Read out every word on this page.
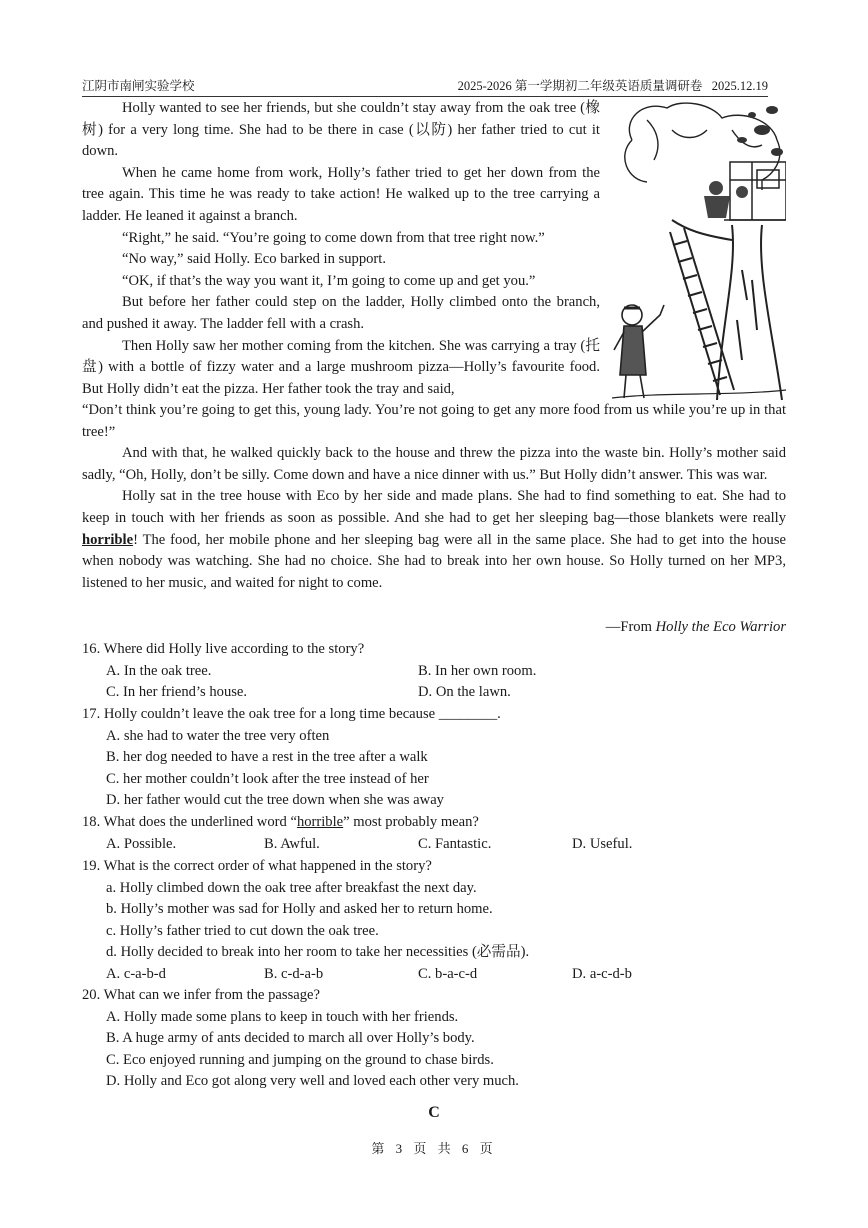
江阴市南闸实验学校	2025-2026 第一学期初二年级英语质量调研卷 2025.12.19

Holly wanted to see her friends, but she couldn’t stay away from the oak tree (橡树) for a very long time. She had to be there in case (以防) her father tried to cut it down.

When he came home from work, Holly’s father tried to get her down from the tree again. This time he was ready to take action! He walked up to the tree carrying a ladder. He leaned it against a branch.

“Right,” he said. “You’re going to come down from that tree right now.”

“No way,” said Holly. Eco barked in support.

“OK, if that’s the way you want it, I’m going to come up and get you.”

But before her father could step on the ladder, Holly climbed onto the branch, and pushed it away. The ladder fell with a crash.

Then Holly saw her mother coming from the kitchen. She was carrying a tray (托盘) with a bottle of fizzy water and a large mushroom pizza—Holly’s favourite food. But Holly didn’t eat the pizza. Her father took the tray and said,

“Don’t think you’re going to get this, young lady. You’re not going to get any more food from us while you’re up in that tree!”

And with that, he walked quickly back to the house and threw the pizza into the waste bin. Holly’s mother said sadly, “Oh, Holly, don’t be silly. Come down and have a nice dinner with us.” But Holly didn’t answer. This was war.

Holly sat in the tree house with Eco by her side and made plans. She had to find something to eat. She had to keep in touch with her friends as soon as possible. And she had to get her sleeping bag—those blankets were really horrible! The food, her mobile phone and her sleeping bag were all in the same place. She had to get into the house when nobody was watching. She had no choice. She had to break into her own house. So Holly turned on her MP3, listened to her music, and waited for night to come.

—From Holly the Eco Warrior

16. Where did Holly live according to the story?

A. In the oak tree.	B. In her own room.
C. In her friend’s house.	D. On the lawn.

17. Holly couldn’t leave the oak tree for a long time because ________.

A. she had to water the tree very often

B. her dog needed to have a rest in the tree after a walk

C. her mother couldn’t look after the tree instead of her

D. her father would cut the tree down when she was away

18. What does the underlined word “horrible” most probably mean?

A. Possible.	B. Awful.	C. Fantastic.	D. Useful.

19. What is the correct order of what happened in the story?

a. Holly climbed down the oak tree after breakfast the next day.

b. Holly’s mother was sad for Holly and asked her to return home.

c. Holly’s father tried to cut down the oak tree.

d. Holly decided to break into her room to take her necessities (必需品).

A. c-a-b-d	B. c-d-a-b	C. b-a-c-d	D. a-c-d-b

20. What can we infer from the passage?

A. Holly made some plans to keep in touch with her friends.

B. A huge army of ants decided to march all over Holly’s body.

C. Eco enjoyed running and jumping on the ground to chase birds.

D. Holly and Eco got along very well and loved each other very much.

C
第 3 页 共 6 页
